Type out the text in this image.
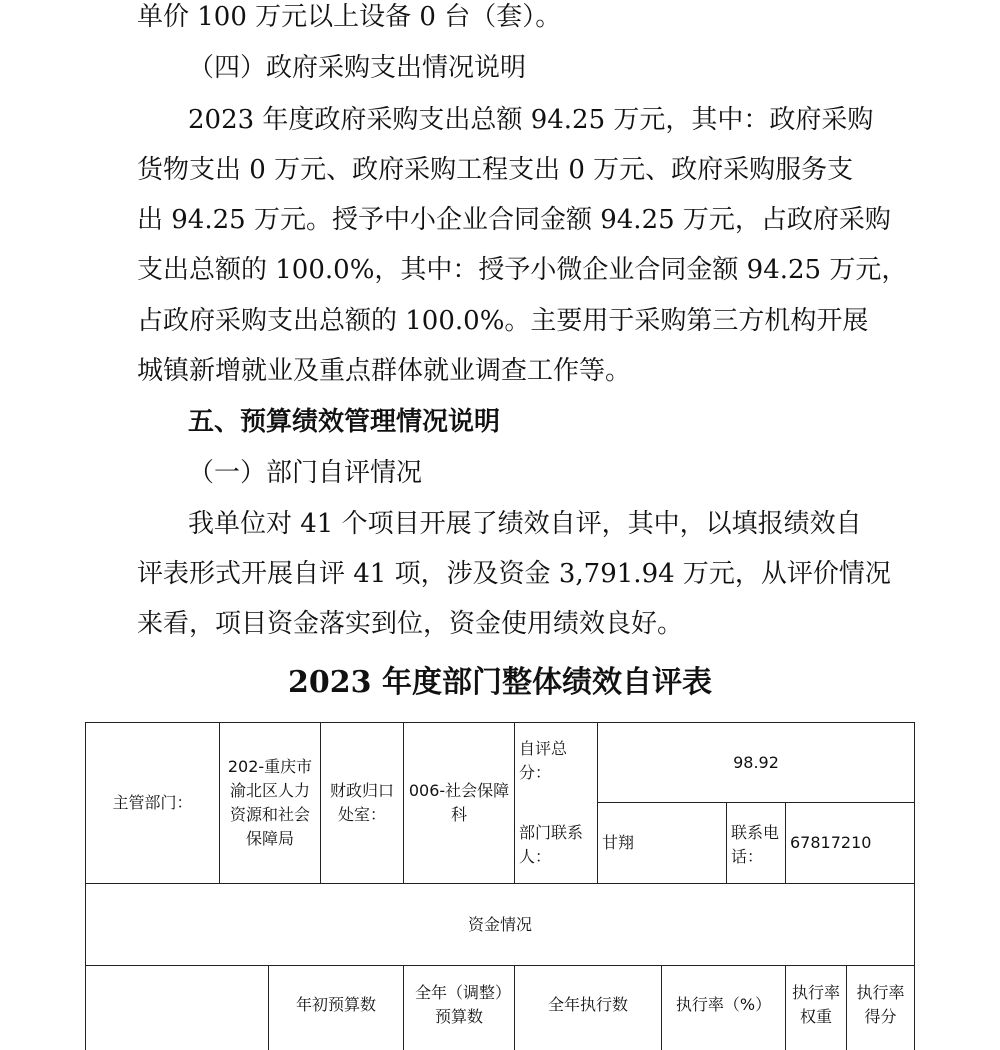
单价 100 万元以上设备 0 台（套）。
（四）政府采购支出情况说明
2023 年度政府采购支出总额 94.25 万元，其中：政府采购
货物支出 0 万元、政府采购工程支出 0 万元、政府采购服务支
出 94.25 万元。授予中小企业合同金额 94.25 万元，占政府采购
支出总额的 100.0%，其中：授予小微企业合同金额 94.25 万元，
占政府采购支出总额的 100.0%。主要用于采购第三方机构开展
城镇新增就业及重点群体就业调查工作等。
五、预算绩效管理情况说明
（一）部门自评情况
我单位对 41 个项目开展了绩效自评，其中，以填报绩效自
评表形式开展自评 41 项，涉及资金 3,791.94 万元，从评价情况
来看，项目资金落实到位，资金使用绩效良好。
2023 年度部门整体绩效自评表
主管部门：
202-重庆市渝北区人力资源和社会保障局
财政归口处室：
006-社会保障科
自评总分：
98.92
部门联系人：
甘翔
联系电话：
67817210
资金情况
年初预算数
全年（调整）预算数
全年执行数	执行率（%）
执行率权重
执行率得分
